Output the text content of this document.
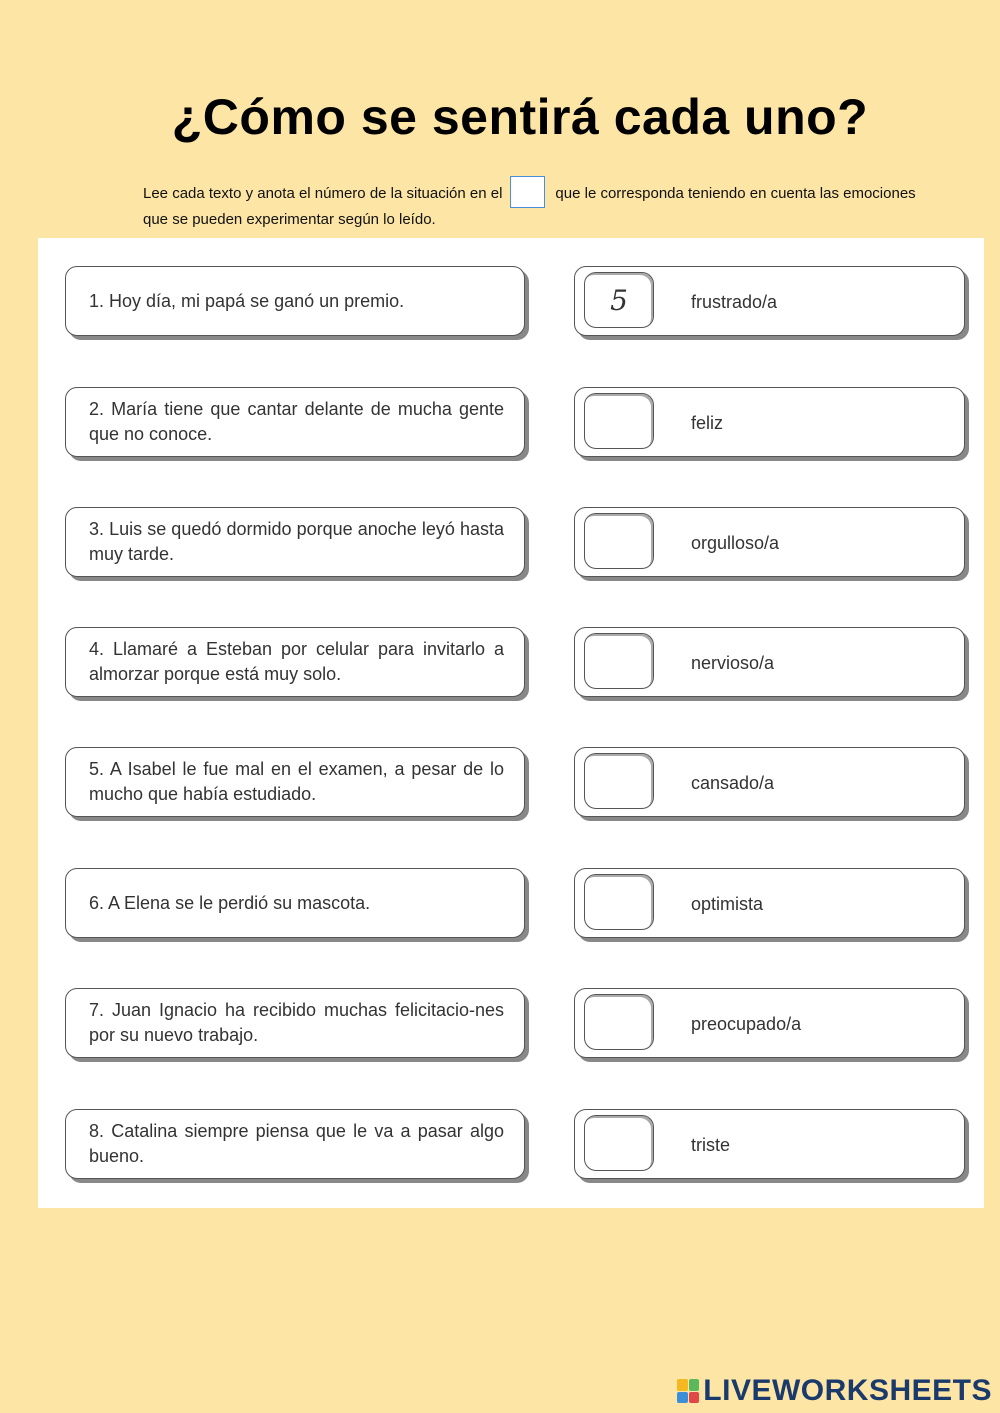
¿Cómo se sentirá cada uno?
Lee cada texto y anota el número de la situación en el	que le corresponda teniendo en cuenta las emociones que se pueden experimentar según lo leído.
1. Hoy día, mi papá se ganó un premio.
2. María tiene que cantar delante de mucha gente que no conoce.
3. Luis se quedó dormido porque anoche leyó hasta muy tarde.
4. Llamaré a Esteban por celular para invitarlo a almorzar porque está muy solo.
5. A Isabel le fue mal en el examen, a pesar de lo mucho que había estudiado.
6. A Elena se le perdió su mascota.
7. Juan Ignacio ha recibido muchas felicitacio-nes por su nuevo trabajo.
8. Catalina siempre piensa que le va a pasar algo bueno.
5	frustrado/a
feliz
orgulloso/a
nervioso/a
cansado/a
optimista
preocupado/a
triste
LIVEWORKSHEETS
